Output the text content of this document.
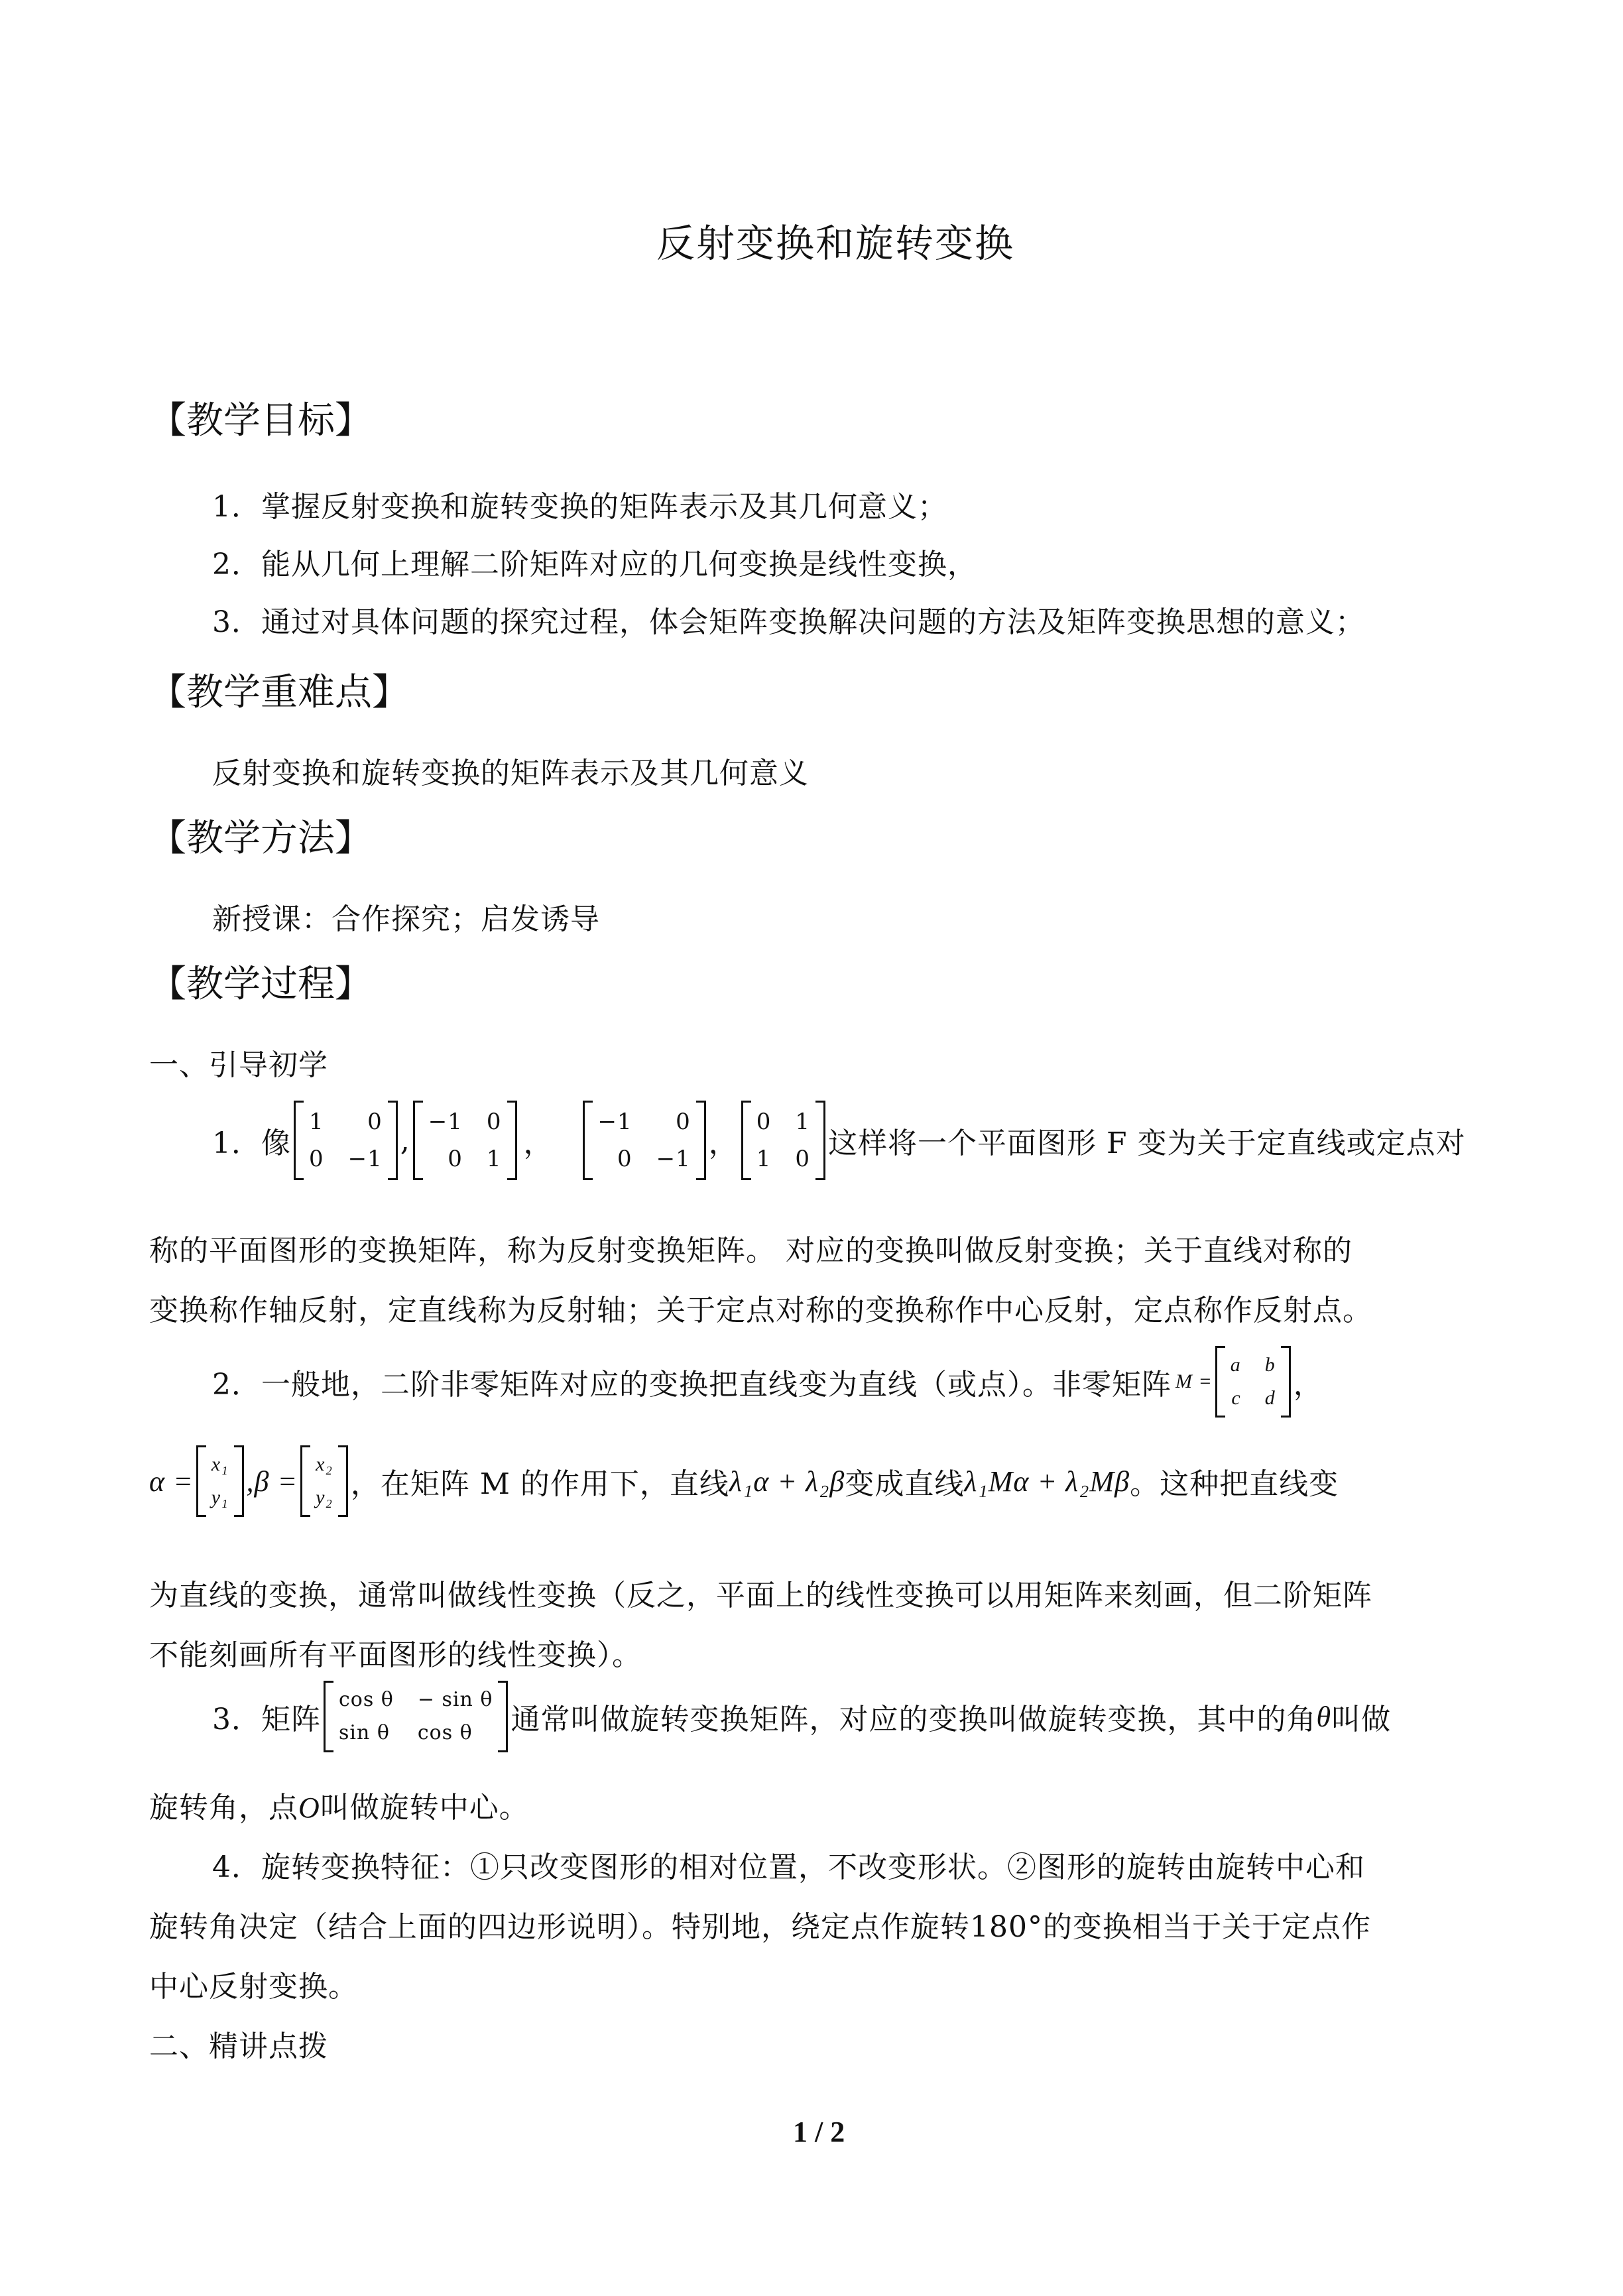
反射变换和旋转变换
【教学目标】
1．掌握反射变换和旋转变换的矩阵表示及其几何意义；
2．能从几何上理解二阶矩阵对应的几何变换是线性变换，
3．通过对具体问题的探究过程，体会矩阵变换解决问题的方法及矩阵变换思想的意义；
【教学重难点】
反射变换和旋转变换的矩阵表示及其几何意义
【教学方法】
新授课：合作探究；启发诱导
【教学过程】
一、引导初学
1．像
1	0
0 −1
,
−1 0
0 1 ，
−1	0
0 −1 ，
0 1
1 0 这样将一个平面图形 F 变为关于定直线或定点对
称的平面图形的变换矩阵，称为反射变换矩阵。 对应的变换叫做反射变换；关于直线对称的
变换称作轴反射，定直线称为反射轴；关于定点对称的变换称作中心反射，定点称作反射点。
2．一般地，二阶非零矩阵对应的变换把直线变为直线（或点）。非零矩阵 M =
a b
c d ，
α =
x₁
y₁ ,β =
x₂
y₂ ，在矩阵 M 的作用下，直线 λ₁α + λ₂β 变成直线 λ₁Mα + λ₂Mβ 。这种把直线变
为直线的变换，通常叫做线性变换（反之，平面上的线性变换可以用矩阵来刻画，但二阶矩阵
不能刻画所有平面图形的线性变换）。
3．矩阵
cos θ − sin θ
sin θ cos θ	通常叫做旋转变换矩阵，对应的变换叫做旋转变换，其中的角 θ 叫做
旋转角，点O叫做旋转中心。
4．旋转变换特征：①只改变图形的相对位置，不改变形状。②图形的旋转由旋转中心和
旋转角决定（结合上面的四边形说明）。特别地，绕定点作旋转180°的变换相当于关于定点作
中心反射变换。
二、精讲点拨
1 / 2
